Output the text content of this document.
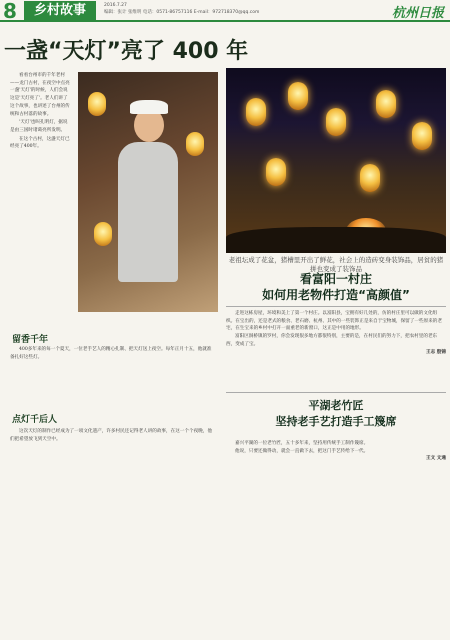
8	乡村故事	2016.7.27
编辑：张计 张维明 电话：0571-86757116 E-mail：972718370@qq.com	杭州日报
一盏“天灯”亮了 400 年

看看台州市的千年老村——龙门古村，在夜空中点亮一盏'天灯'的时候，人们会说这是'天灯亮了'。老人们讲了这个故事，也讲述了台州的传统和古村落的故事。

'天灯'也叫孔明灯，据说是由三国时诸葛亮所发明。

在这个古村，这盏天灯已经亮了400年。

老祖坛成了花盆，猪槽里开出了鲜花，社会上的造砖变身装饰品，居贫的猪拼也变成了装饰品
看富阳一村庄
如何用老物件打造“高颜值”

走进这栋房屋，环境和美上了第一个村庄。以富阳县，宝拥有好几处的，仿的村庄里可以做的文化组织。在宝出的，还是老式的粮食、老石磨、杭州、其中的一些装饰正是来自于宝物城，保留了一些原来的老宅，在生宝来的乡村中打开一面重老的新窗口，这正是中用的地形。

富阳区洞桥镇的罗村，你会发现很多地方都很特别，主要的是，在村民们的努力下，把农村里的老东西，变成了宝。

王志 殷锦
留香千年

400多年来的每一个夏天，一位老手艺人的精心扎制、把天灯送上夜空。每年正月十五，他就准备扎好这些灯。

点灯千后人

这次天灯的制作已经成为了一项文化遗产，许多村民还记得老人讲的故事，在这一个个夜晚，他们把希望放飞到天空中。

平湖老竹匠
坚持老手艺打造手工篾席

嘉兴平湖的一位老竹匠，五十多年来，坚持用传统手工制作篾席。

他说，只要还做得动，就会一直做下去，把这门手艺传给下一代。

王文 文通
